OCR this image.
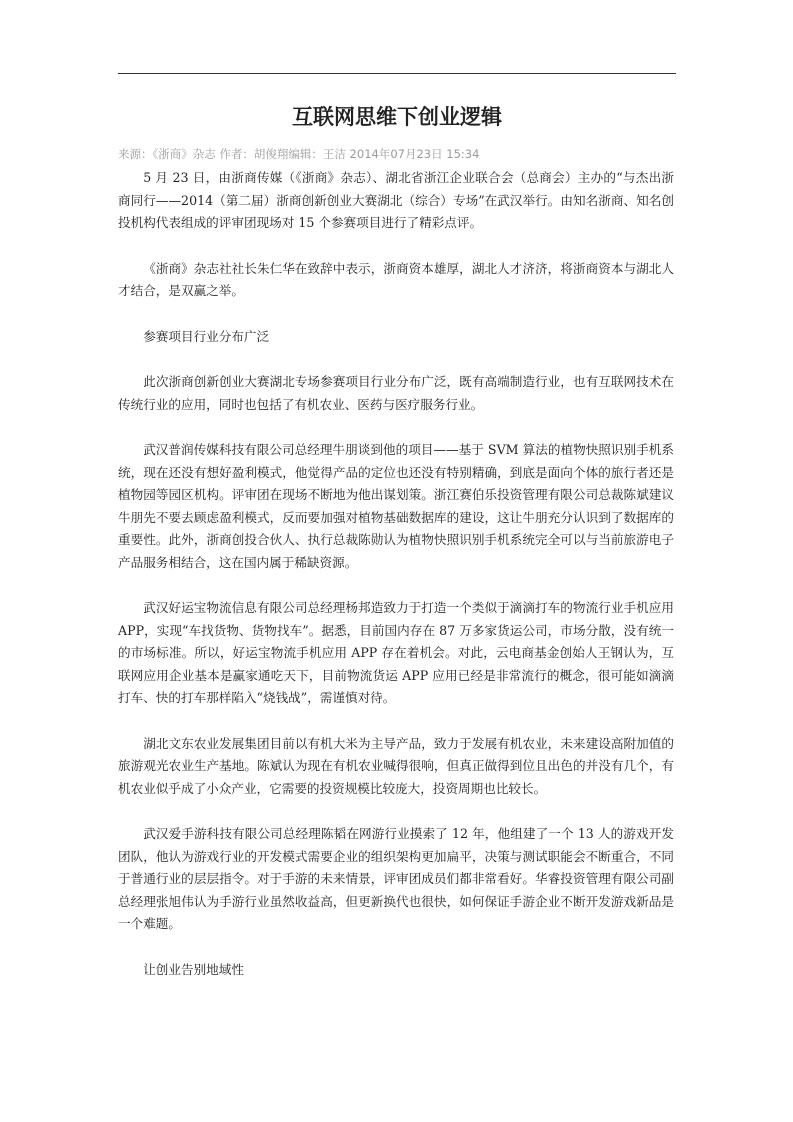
互联网思维下创业逻辑
来源：《浙商》杂志 作者：胡俊翔编辑：王洁 2014年07月23日 15:34

5 月 23 日，由浙商传媒（《浙商》杂志）、湖北省浙江企业联合会（总商会）主办的“与杰出浙商同行——2014（第二届）浙商创新创业大赛湖北（综合）专场”在武汉举行。由知名浙商、知名创投机构代表组成的评审团现场对 15 个参赛项目进行了精彩点评。

《浙商》杂志社社长朱仁华在致辞中表示，浙商资本雄厚，湖北人才济济，将浙商资本与湖北人才结合，是双赢之举。

参赛项目行业分布广泛

此次浙商创新创业大赛湖北专场参赛项目行业分布广泛，既有高端制造行业，也有互联网技术在传统行业的应用，同时也包括了有机农业、医药与医疗服务行业。

武汉普润传媒科技有限公司总经理牛朋谈到他的项目——基于 SVM 算法的植物快照识别手机系统，现在还没有想好盈利模式，他觉得产品的定位也还没有特别精确，到底是面向个体的旅行者还是植物园等园区机构。评审团在现场不断地为他出谋划策。浙江赛伯乐投资管理有限公司总裁陈斌建议牛朋先不要去顾虑盈利模式，反而要加强对植物基础数据库的建设，这让牛朋充分认识到了数据库的重要性。此外，浙商创投合伙人、执行总裁陈勋认为植物快照识别手机系统完全可以与当前旅游电子产品服务相结合，这在国内属于稀缺资源。

武汉好运宝物流信息有限公司总经理杨邦造致力于打造一个类似于滴滴打车的物流行业手机应用 APP，实现“车找货物、货物找车”。据悉，目前国内存在 87 万多家货运公司，市场分散，没有统一的市场标准。所以，好运宝物流手机应用 APP 存在着机会。对此，云电商基金创始人王钢认为，互联网应用企业基本是赢家通吃天下，目前物流货运 APP 应用已经是非常流行的概念，很可能如滴滴打车、快的打车那样陷入“烧钱战”，需谨慎对待。

湖北文东农业发展集团目前以有机大米为主导产品，致力于发展有机农业，未来建设高附加值的旅游观光农业生产基地。陈斌认为现在有机农业喊得很响，但真正做得到位且出色的并没有几个，有机农业似乎成了小众产业，它需要的投资规模比较庞大，投资周期也比较长。

武汉爱手游科技有限公司总经理陈韬在网游行业摸索了 12 年，他组建了一个 13 人的游戏开发团队，他认为游戏行业的开发模式需要企业的组织架构更加扁平，决策与测试职能会不断重合，不同于普通行业的层层指令。对于手游的未来情景，评审团成员们都非常看好。华睿投资管理有限公司副总经理张旭伟认为手游行业虽然收益高，但更新换代也很快，如何保证手游企业不断开发游戏新品是一个难题。

让创业告别地域性
